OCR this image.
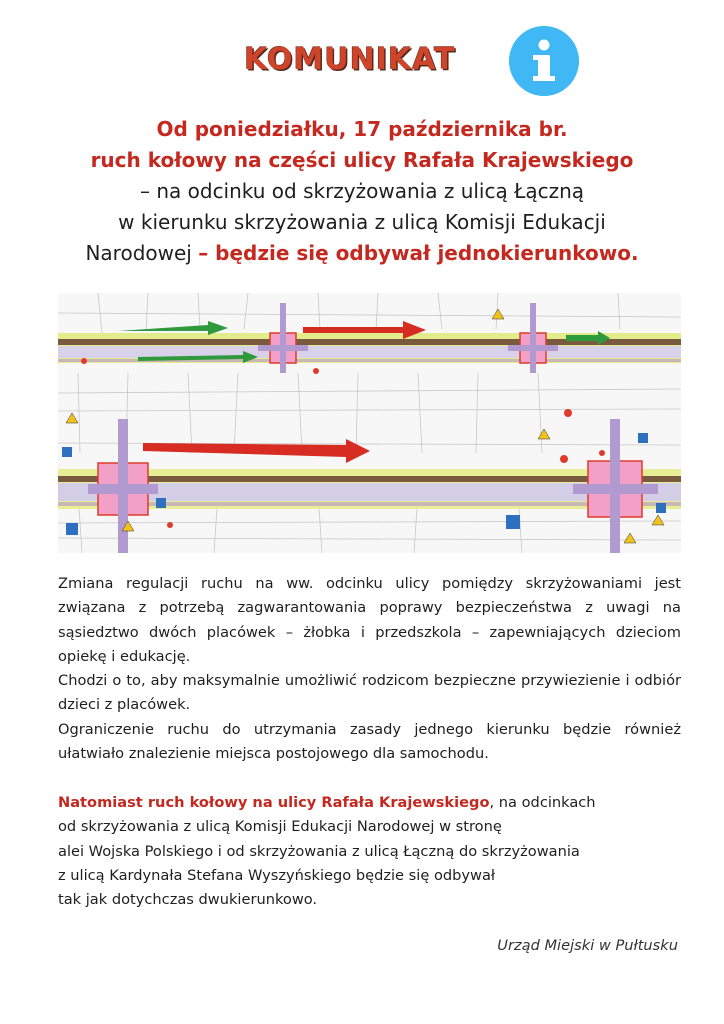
KOMUNIKAT
Od poniedziałku, 17 października br.
ruch kołowy na części ulicy Rafała Krajewskiego
– na odcinku od skrzyżowania z ulicą Łączną
w kierunku skrzyżowania z ulicą Komisji Edukacji
Narodowej – będzie się odbywał jednokierunkowo.

Zmiana regulacji ruchu na ww. odcinku ulicy pomiędzy skrzyżowaniami jest związana z potrzebą zagwarantowania poprawy bezpieczeństwa z uwagi na sąsiedztwo dwóch placówek – żłobka i przedszkola – zapewniających dzieciom opiekę i edukację.

Chodzi o to, aby maksymalnie umożliwić rodzicom bezpieczne przywiezienie i odbiór dzieci z placówek.

Ograniczenie ruchu do utrzymania zasady jednego kierunku będzie również ułatwiało znalezienie miejsca postojowego dla samochodu.

Natomiast ruch kołowy na ulicy Rafała Krajewskiego, na odcinkach
od skrzyżowania z ulicą Komisji Edukacji Narodowej w stronę
alei Wojska Polskiego i od skrzyżowania z ulicą Łączną do skrzyżowania
z ulicą Kardynała Stefana Wyszyńskiego będzie się odbywał
tak jak dotychczas dwukierunkowo.
Urząd Miejski w Pułtusku
